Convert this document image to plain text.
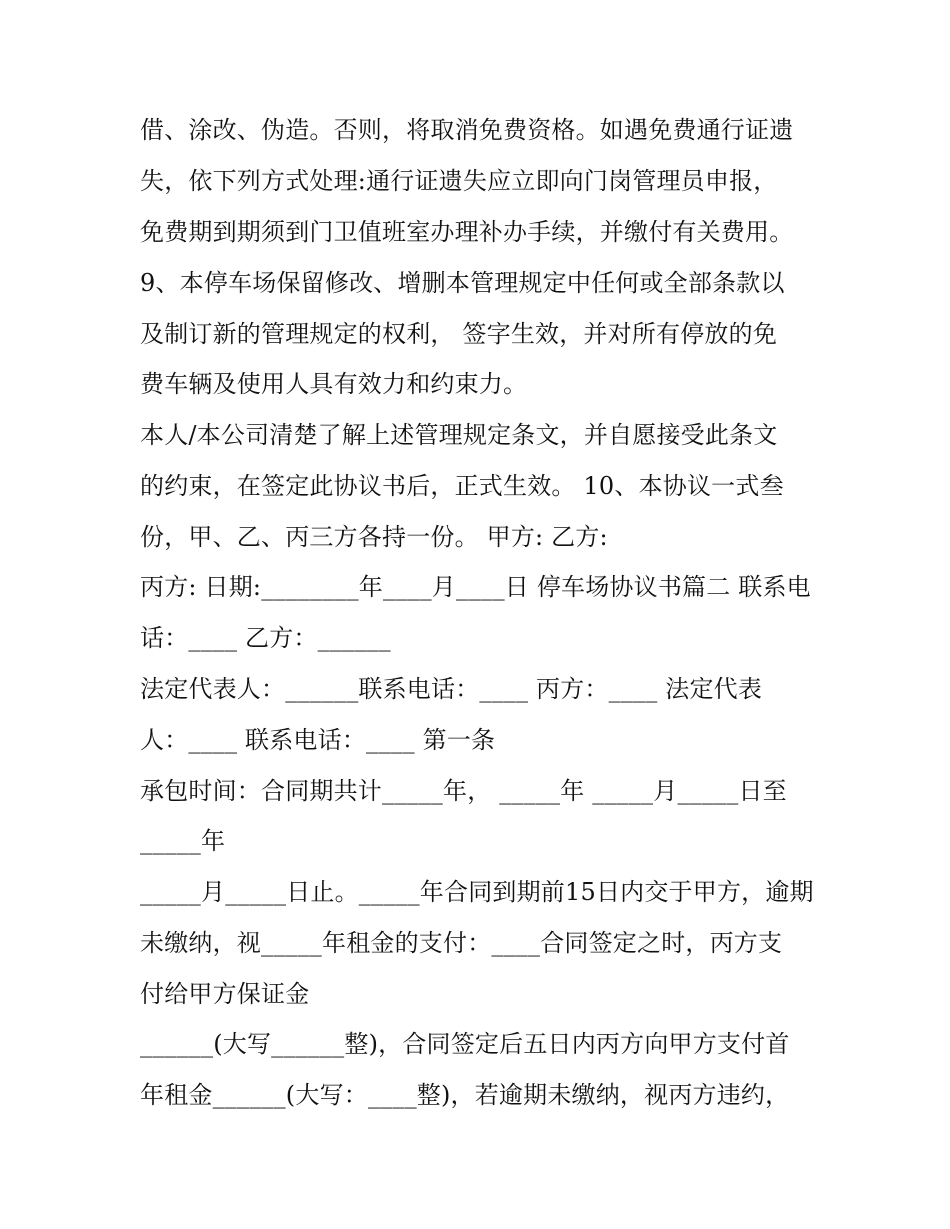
借、涂改、伪造。否则，将取消免费资格。如遇免费通行证遗
失，依下列方式处理:通行证遗失应立即向门岗管理员申报，
免费期到期须到门卫值班室办理补办手续，并缴付有关费用。
9、本停车场保留修改、增删本管理规定中任何或全部条款以
及制订新的管理规定的权利， 签字生效，并对所有停放的免
费车辆及使用人具有效力和约束力。
本人/本公司清楚了解上述管理规定条文，并自愿接受此条文
的约束，在签定此协议书后，正式生效。 10、本协议一式叁
份，甲、乙、丙三方各持一份。 甲方: 乙方:
丙方: 日期:________年____月____日 停车场协议书篇二 联系电
话：____ 乙方：______
法定代表人：______联系电话：____ 丙方：____ 法定代表
人：____ 联系电话：____ 第一条
承包时间：合同期共计_____年， _____年 _____月_____日至
_____年
_____月_____日止。_____年合同到期前15日内交于甲方，逾期
未缴纳，视_____年租金的支付：____合同签定之时，丙方支
付给甲方保证金
______(大写______整)，合同签定后五日内丙方向甲方支付首
年租金______(大写：____整)，若逾期未缴纳，视丙方违约，
